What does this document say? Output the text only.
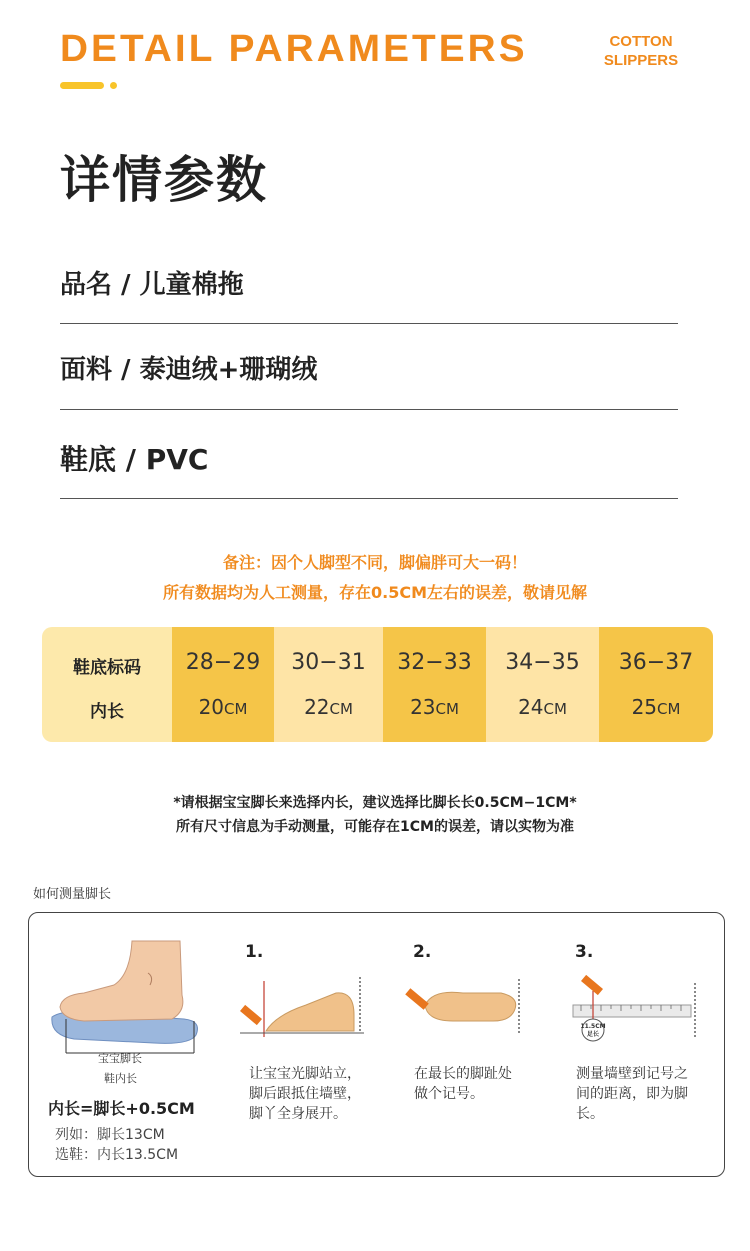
DETAIL PARAMETERS	COTTON
SLIPPERS
详情参数
品名 / 儿童棉拖
面料 / 泰迪绒+珊瑚绒
鞋底 / PVC
备注：因个人脚型不同，脚偏胖可大一码！
所有数据均为人工测量，存在0.5CM左右的误差，敬请见解
鞋底标码
内长
28−29
20CM
30−31
22CM
32−33
23CM
34−35
24CM
36−37
25CM
*请根据宝宝脚长来选择内长，建议选择比脚长长0.5CM−1CM*
所有尺寸信息为手动测量，可能存在1CM的误差，请以实物为准
如何测量脚长
宝宝脚长
鞋内长
内长=脚长+0.5CM
列如：脚长13CM
选鞋：内长13.5CM
1.
让宝宝光脚站立，
脚后跟抵住墙壁，
脚丫全身展开。
2.
在最长的脚趾处
做个记号。
3.
11.5CM
足长
测量墙壁到记号之
间的距离，即为脚
长。
